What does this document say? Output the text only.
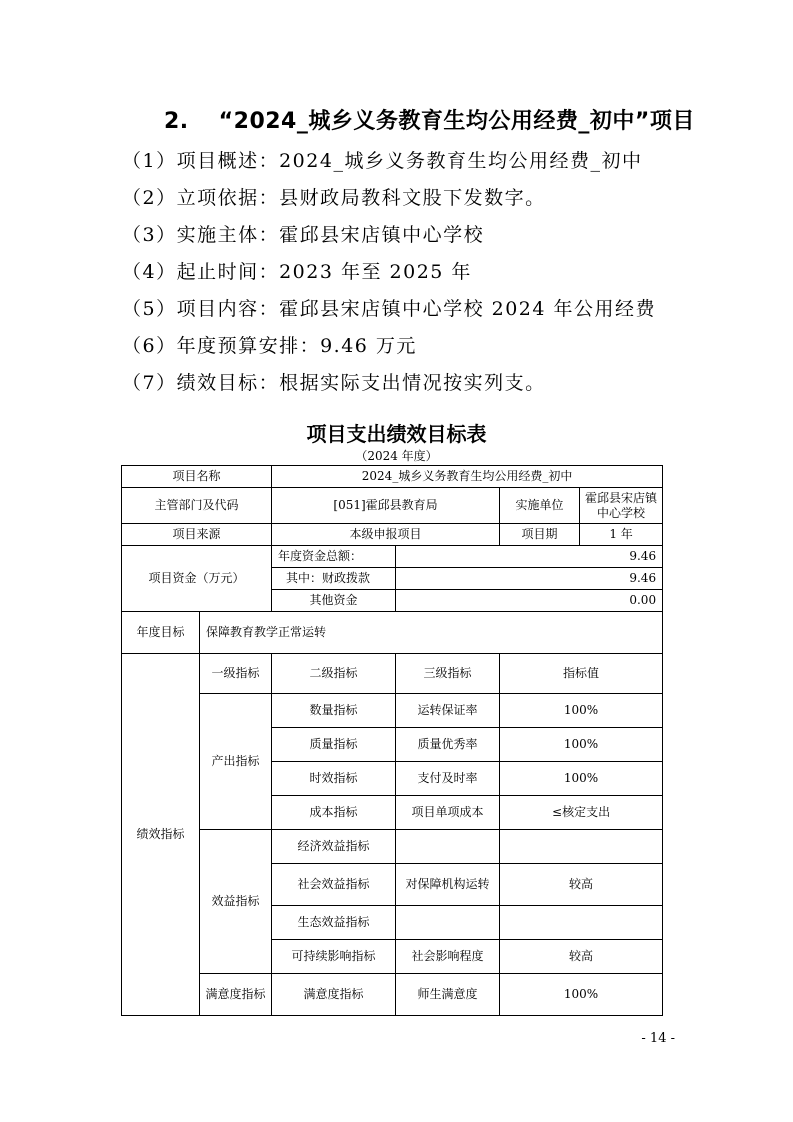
2. “2024_城乡义务教育生均公用经费_初中”项目
（1）项目概述：2024_城乡义务教育生均公用经费_初中
（2）立项依据：县财政局教科文股下发数字。
（3）实施主体：霍邱县宋店镇中心学校
（4）起止时间：2023 年至 2025 年
（5）项目内容：霍邱县宋店镇中心学校 2024 年公用经费
（6）年度预算安排：9.46 万元
（7）绩效目标：根据实际支出情况按实列支。
项目支出绩效目标表
（2024 年度）
项目名称		2024_城乡义务教育生均公用经费_初中			
主管部门及代码		[051]霍邱县教育局		实施单位	霍邱县宋店镇中心学校
项目来源		本级申报项目		项目期	1 年
项目资金（万元）		年度资金总额：	9.46		
		其中：财政拨款	9.46		
		其他资金	0.00		
年度目标	保障教育教学正常运转				
绩效指标	一级指标	二级指标	三级指标	指标值	
	产出指标	数量指标	运转保证率	100%	
		质量指标	质量优秀率	100%	
		时效指标	支付及时率	100%	
		成本指标	项目单项成本	≤核定支出	
	效益指标	经济效益指标			
		社会效益指标	对保障机构运转	较高	
		生态效益指标			
		可持续影响指标	社会影响程度	较高	
	满意度指标	满意度指标	师生满意度	100%	
- 14 -
